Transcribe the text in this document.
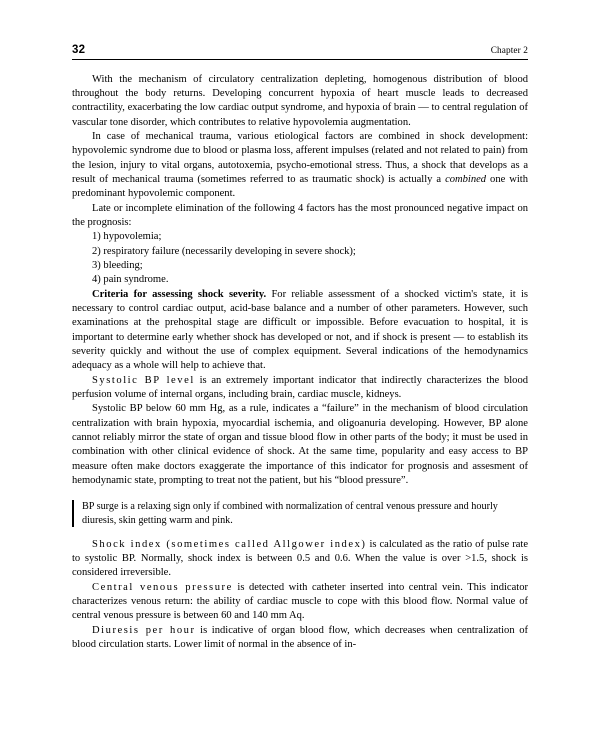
32	Chapter 2

With the mechanism of circulatory centralization depleting, homogenous distribution of blood throughout the body returns. Developing concurrent hypoxia of heart muscle leads to decreased contractility, exacerbating the low cardiac output syndrome, and hypoxia of brain — to central regulation of vascular tone disorder, which contributes to relative hypovolemia augmentation.

In case of mechanical trauma, various etiological factors are combined in shock development: hypovolemic syndrome due to blood or plasma loss, afferent impulses (related and not related to pain) from the lesion, injury to vital organs, autotoxemia, psycho-emotional stress. Thus, a shock that develops as a result of mechanical trauma (sometimes referred to as traumatic shock) is actually a combined one with predominant hypovolemic component.

Late or incomplete elimination of the following 4 factors has the most pronounced negative impact on the prognosis:

1) hypovolemia;

2) respiratory failure (necessarily developing in severe shock);

3) bleeding;

4) pain syndrome.

Criteria for assessing shock severity. For reliable assessment of a shocked victim's state, it is necessary to control cardiac output, acid-base balance and a number of other parameters. However, such examinations at the prehospital stage are difficult or impossible. Before evacuation to hospital, it is important to determine early whether shock has developed or not, and if shock is present — to establish its severity quickly and without the use of complex equipment. Several indications of the hemodynamics adequacy as a whole will help to achieve that.

Systolic BP level is an extremely important indicator that indirectly characterizes the blood perfusion volume of internal organs, including brain, cardiac muscle, kidneys.

Systolic BP below 60 mm Hg, as a rule, indicates a “failure” in the mechanism of blood circulation centralization with brain hypoxia, myocardial ischemia, and oligoanuria developing. However, BP alone cannot reliably mirror the state of organ and tissue blood flow in other parts of the body; it must be used in combination with other clinical evidence of shock. At the same time, popularity and easy access to BP measure often make doctors exaggerate the importance of this indicator for prognosis and assesment of hemodynamic state, prompting to treat not the patient, but his “blood pressure”.

BP surge is a relaxing sign only if combined with normalization of central venous pressure and hourly diuresis, skin getting warm and pink.

Shock index (sometimes called Allgower index) is calculated as the ratio of pulse rate to systolic BP. Normally, shock index is between 0.5 and 0.6. When the value is over >1.5, shock is considered irreversible.

Central venous pressure is detected with catheter inserted into central vein. This indicator characterizes venous return: the ability of cardiac muscle to cope with this blood flow. Normal value of central venous pressure is between 60 and 140 mm Aq.

Diuresis per hour is indicative of organ blood flow, which decreases when centralization of blood circulation starts. Lower limit of normal in the absence of in-
